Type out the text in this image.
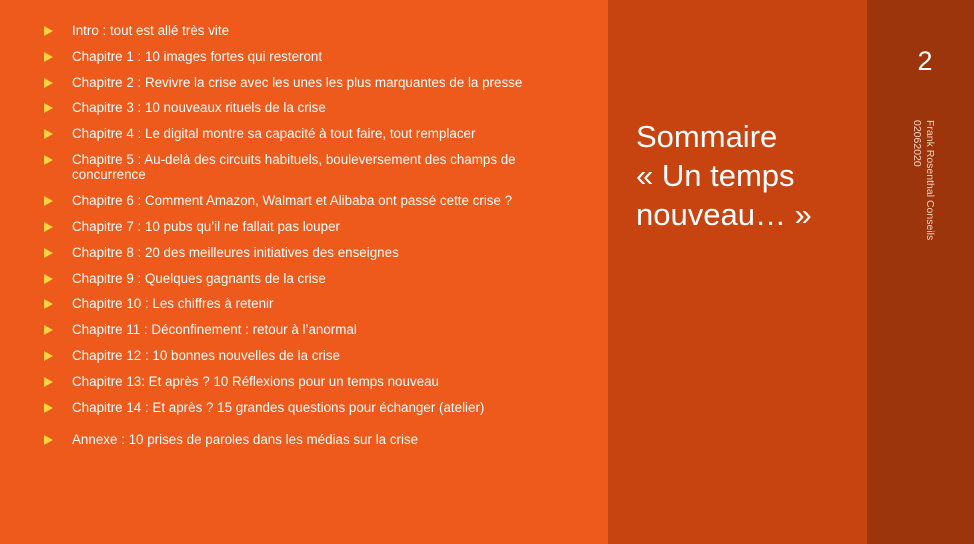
Intro : tout est allé très vite
Chapitre 1 : 10 images fortes qui resteront
Chapitre 2 : Revivre la crise avec les unes les plus marquantes de la presse
Chapitre 3 : 10 nouveaux rituels de la crise
Chapitre 4 : Le digital montre sa capacité à tout faire, tout remplacer
Chapitre 5 : Au-delà des circuits habituels, bouleversement des champs de concurrence
Chapitre 6 : Comment Amazon, Walmart et Alibaba ont passé cette crise ?
Chapitre 7 : 10 pubs qu’il ne fallait pas louper
Chapitre 8 : 20 des meilleures initiatives des enseignes
Chapitre 9 : Quelques gagnants de la crise
Chapitre 10 : Les chiffres à retenir
Chapitre 11 : Déconfinement : retour à l’anormal
Chapitre 12 : 10 bonnes nouvelles de la crise
Chapitre 13: Et après ? 10 Réflexions pour un temps nouveau
Chapitre 14 : Et après ? 15 grandes questions pour échanger (atelier)
Annexe : 10 prises de paroles dans les médias sur la crise
Sommaire
« Un temps
nouveau… »
2
Frank Rosenthal Conseils
02062020
